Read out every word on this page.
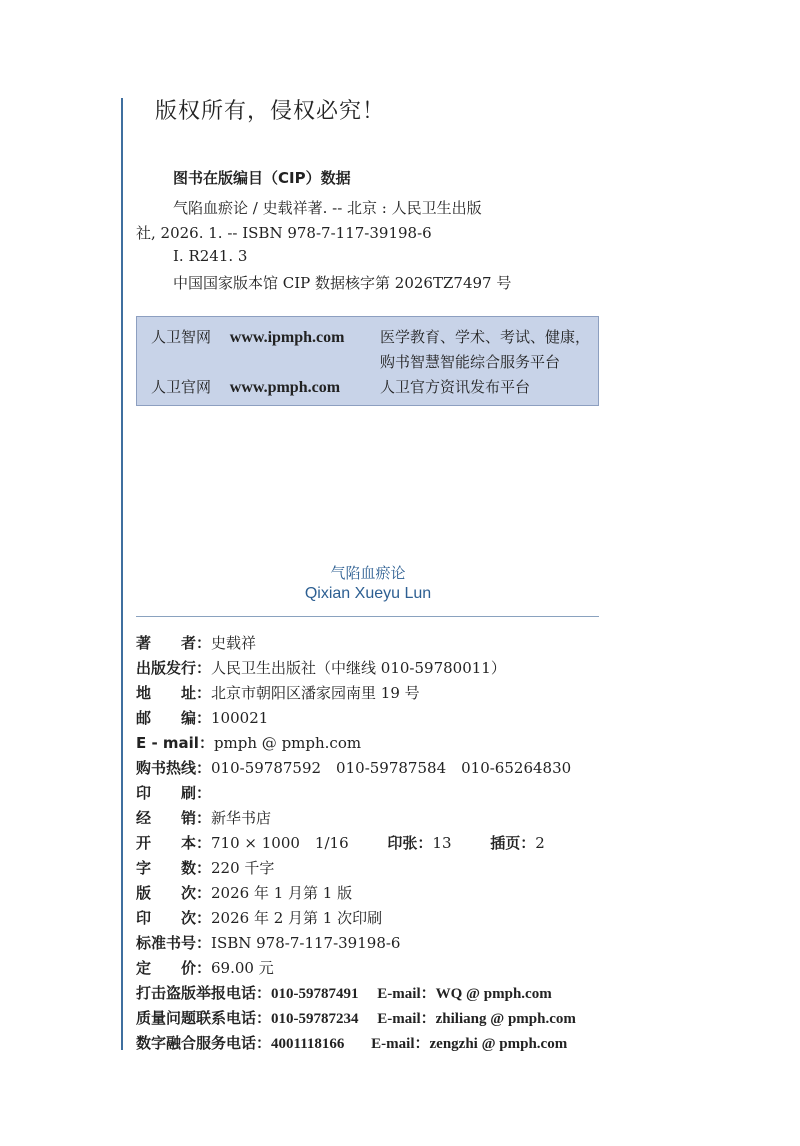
版权所有，侵权必究！
图书在版编目（CIP）数据
气陷血瘀论 / 史载祥著. -- 北京 : 人民卫生出版
社, 2026. 1. -- ISBN 978-7-117-39198-6
Ⅰ. R241. 3
中国国家版本馆 CIP 数据核字第 2026TZ7497 号
人卫智网 www.ipmph.com 医学教育、学术、考试、健康，
购书智慧智能综合服务平台
人卫官网 www.pmph.com	人卫官方资讯发布平台
气陷血瘀论
Qixian Xueyu Lun
著　　者：史载祥
出版发行：人民卫生出版社（中继线 010-59780011）
地　　址：北京市朝阳区潘家园南里 19 号
邮　　编：100021
E - mail：pmph @ pmph.com
购书热线：010-59787592　010-59787584　010-65264830
印　　刷：
经　　销：新华书店
开　　本：710 × 1000　1/16	印张：13	插页：2
字　　数：220 千字
版　　次：2026 年 1 月第 1 版
印　　次：2026 年 2 月第 1 次印刷
标准书号：ISBN 978-7-117-39198-6
定　　价：69.00 元
打击盗版举报电话：010-59787491 E-mail：WQ @ pmph.com
质量问题联系电话：010-59787234 E-mail：zhiliang @ pmph.com
数字融合服务电话：4001118166 E-mail：zengzhi @ pmph.com
